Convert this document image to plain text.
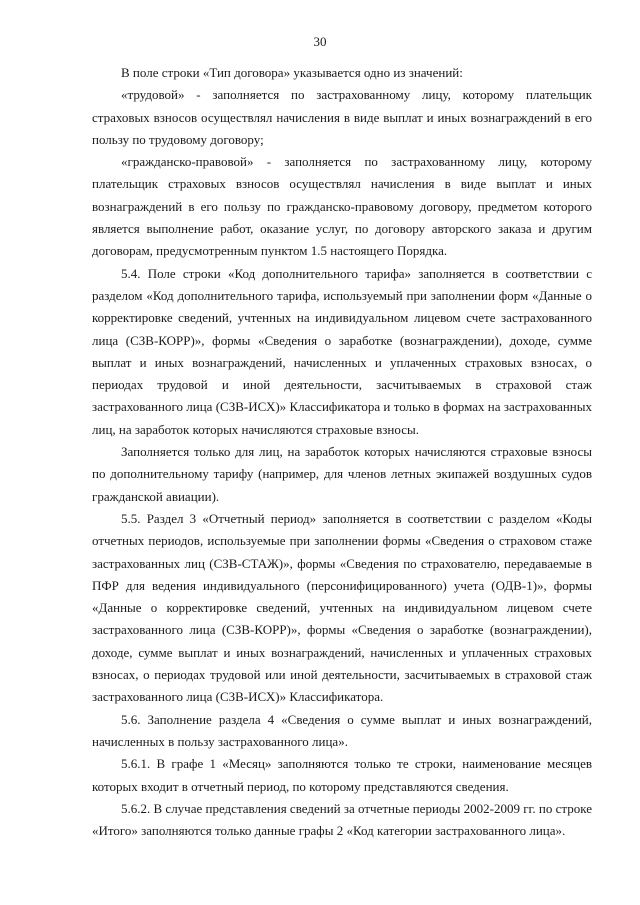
30

В поле строки «Тип договора» указывается одно из значений:

«трудовой» - заполняется по застрахованному лицу, которому плательщик страховых взносов осуществлял начисления в виде выплат и иных вознаграждений в его пользу по трудовому договору;

«гражданско-правовой» - заполняется по застрахованному лицу, которому плательщик страховых взносов осуществлял начисления в виде выплат и иных вознаграждений в его пользу по гражданско-правовому договору, предметом которого является выполнение работ, оказание услуг, по договору авторского заказа и другим договорам, предусмотренным пунктом 1.5 настоящего Порядка.

5.4. Поле строки «Код дополнительного тарифа» заполняется в соответствии с разделом «Код дополнительного тарифа, используемый при заполнении форм «Данные о корректировке сведений, учтенных на индивидуальном лицевом счете застрахованного лица (СЗВ-КОРР)», формы «Сведения о заработке (вознаграждении), доходе, сумме выплат и иных вознаграждений, начисленных и уплаченных страховых взносах, о периодах трудовой и иной деятельности, засчитываемых в страховой стаж застрахованного лица (СЗВ-ИСХ)» Классификатора и только в формах на застрахованных лиц, на заработок которых начисляются страховые взносы.

Заполняется только для лиц, на заработок которых начисляются страховые взносы по дополнительному тарифу (например, для членов летных экипажей воздушных судов гражданской авиации).

5.5. Раздел 3 «Отчетный период» заполняется в соответствии с разделом «Коды отчетных периодов, используемые при заполнении формы «Сведения о страховом стаже застрахованных лиц (СЗВ-СТАЖ)», формы «Сведения по страхователю, передаваемые в ПФР для ведения индивидуального (персонифицированного) учета (ОДВ-1)», формы «Данные о корректировке сведений, учтенных на индивидуальном лицевом счете застрахованного лица (СЗВ-КОРР)», формы «Сведения о заработке (вознаграждении), доходе, сумме выплат и иных вознаграждений, начисленных и уплаченных страховых взносах, о периодах трудовой или иной деятельности, засчитываемых в страховой стаж застрахованного лица (СЗВ-ИСХ)» Классификатора.

5.6. Заполнение раздела 4 «Сведения о сумме выплат и иных вознаграждений, начисленных в пользу застрахованного лица».

5.6.1. В графе 1 «Месяц» заполняются только те строки, наименование месяцев которых входит в отчетный период, по которому представляются сведения.

5.6.2. В случае представления сведений за отчетные периоды 2002-2009 гг. по строке «Итого» заполняются только данные графы 2 «Код категории застрахованного лица».
